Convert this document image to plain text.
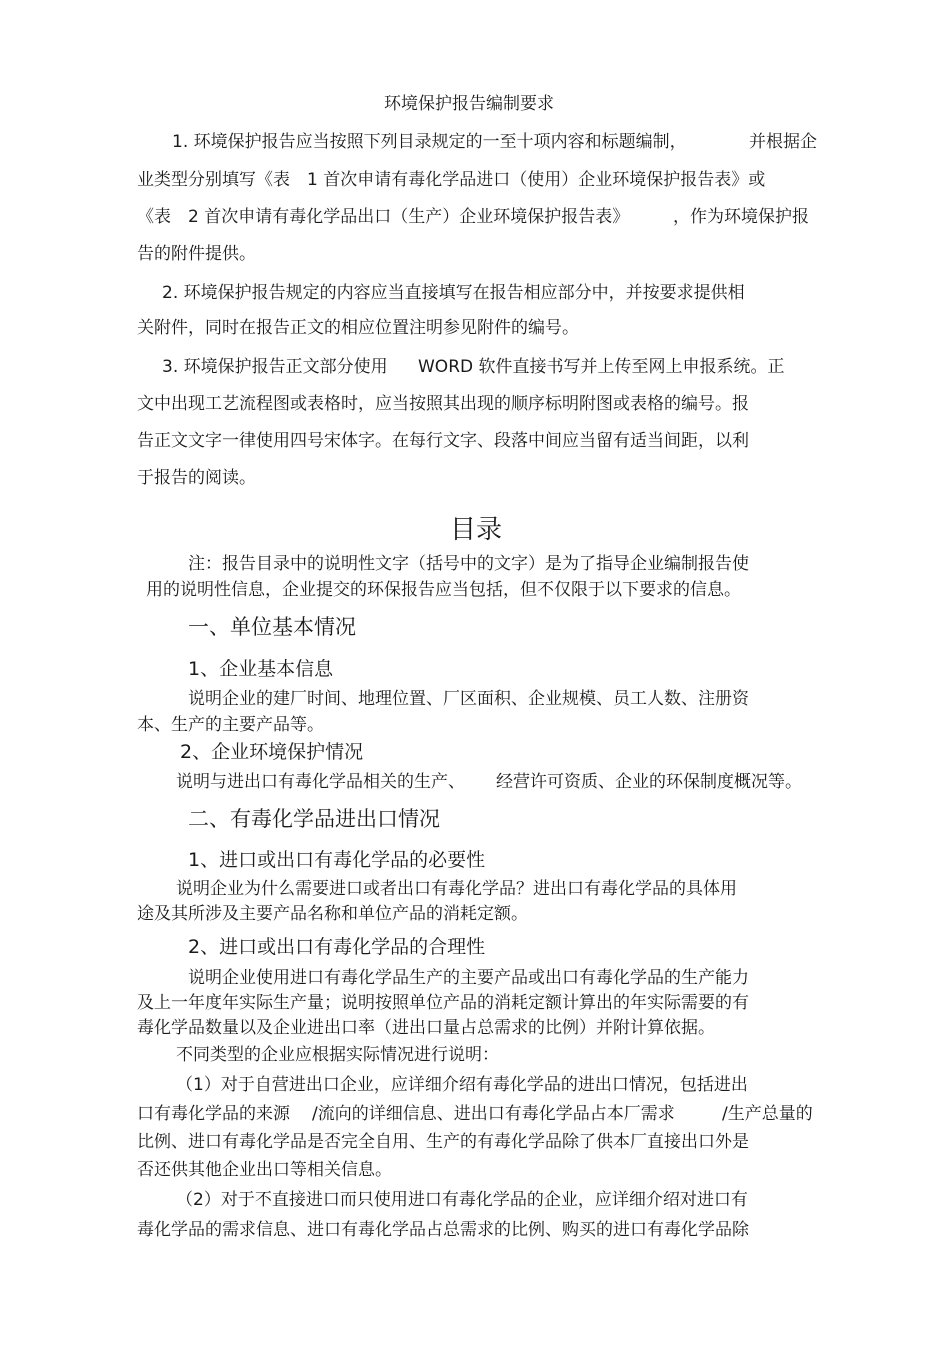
环境保护报告编制要求
1. 环境保护报告应当按照下列目录规定的一至十项内容和标题编制，	并根据企
业类型分别填写《表　1 首次申请有毒化学品进口（使用）企业环境保护报告表》或
《表　2 首次申请有毒化学品出口（生产）企业环境保护报告表》	，作为环境保护报
告的附件提供。
2. 环境保护报告规定的内容应当直接填写在报告相应部分中，并按要求提供相
关附件，同时在报告正文的相应位置注明参见附件的编号。
3. 环境保护报告正文部分使用 WORD 软件直接书写并上传至网上申报系统。正
文中出现工艺流程图或表格时，应当按照其出现的顺序标明附图或表格的编号。报
告正文文字一律使用四号宋体字。在每行文字、段落中间应当留有适当间距，以利
于报告的阅读。
目录
注：报告目录中的说明性文字（括号中的文字）是为了指导企业编制报告使
用的说明性信息，企业提交的环保报告应当包括，但不仅限于以下要求的信息。
一、单位基本情况
1、企业基本信息
说明企业的建厂时间、地理位置、厂区面积、企业规模、员工人数、注册资
本、生产的主要产品等。
2、企业环境保护情况
说明与进出口有毒化学品相关的生产、 经营许可资质、企业的环保制度概况等。
二、有毒化学品进出口情况
1、进口或出口有毒化学品的必要性
说明企业为什么需要进口或者出口有毒化学品？进出口有毒化学品的具体用
途及其所涉及主要产品名称和单位产品的消耗定额。
2、进口或出口有毒化学品的合理性
说明企业使用进口有毒化学品生产的主要产品或出口有毒化学品的生产能力
及上一年度年实际生产量；说明按照单位产品的消耗定额计算出的年实际需要的有
毒化学品数量以及企业进出口率（进出口量占总需求的比例）并附计算依据。
不同类型的企业应根据实际情况进行说明：
（1）对于自营进出口企业，应详细介绍有毒化学品的进出口情况，包括进出
口有毒化学品的来源 /流向的详细信息、进出口有毒化学品占本厂需求	/生产总量的
比例、进口有毒化学品是否完全自用、生产的有毒化学品除了供本厂直接出口外是
否还供其他企业出口等相关信息。
（2）对于不直接进口而只使用进口有毒化学品的企业，应详细介绍对进口有
毒化学品的需求信息、进口有毒化学品占总需求的比例、购买的进口有毒化学品除
